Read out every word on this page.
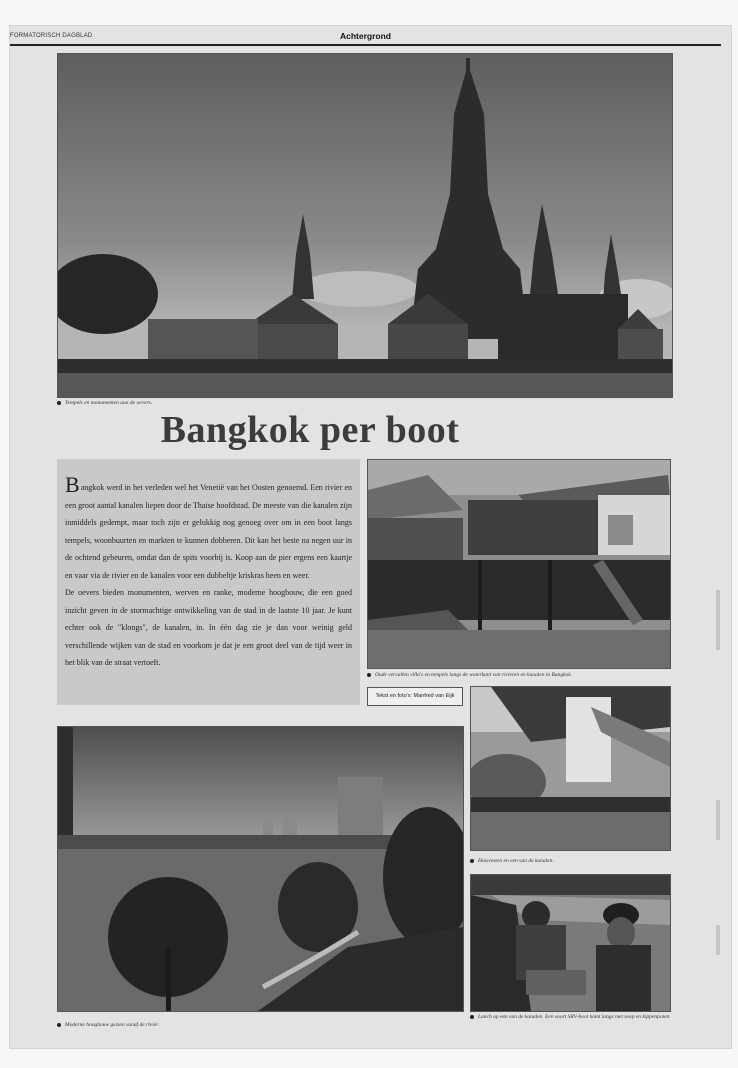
FORMATORISCH DAGBLAD	Achtergrond
Tempels en monumenten aan de oevers.
Bangkok per boot

Bangkok werd in het verleden wel het Venetië van het Oosten genoemd. Een rivier en een groot aantal kanalen liepen door de Thaise hoofdstad. De meeste van die kanalen zijn inmiddels gedempt, maar toch zijn er gelukkig nog genoeg over om in een boot langs tempels, woonbuurten en markten te kunnen dobberen. Dit kan het beste na negen uur in de ochtend gebeuren, omdat dan de spits voorbij is. Koop aan de pier ergens een kaartje en vaar via de rivier en de kanalen voor een dubbeltje kriskras heen en weer.

De oevers bieden monumenten, werven en ranke, moderne hoogbouw, die een goed inzicht geven in de stormachtige ontwikkeling van de stad in de laatste 10 jaar. Je kunt echter ook de "klongs", de kanalen, in. In één dag zie je dan voor weinig geld verschillende wijken van de stad en voorkom je dat je een groot deel van de tijd weer in het blik van de straat vertoeft.

Oude vervallen villa's en tempels langs de waterkant van rivieren en kanalen in Bangkok.
Tekst en foto's: Manfred van Eijk
Huisvesten en een van de kanalen.
Moderne hoogbouw gezien vanaf de rivier.
Lunch op een van de kanalen. Een soort SRV-boot komt langs met soep en kippenpoten.
